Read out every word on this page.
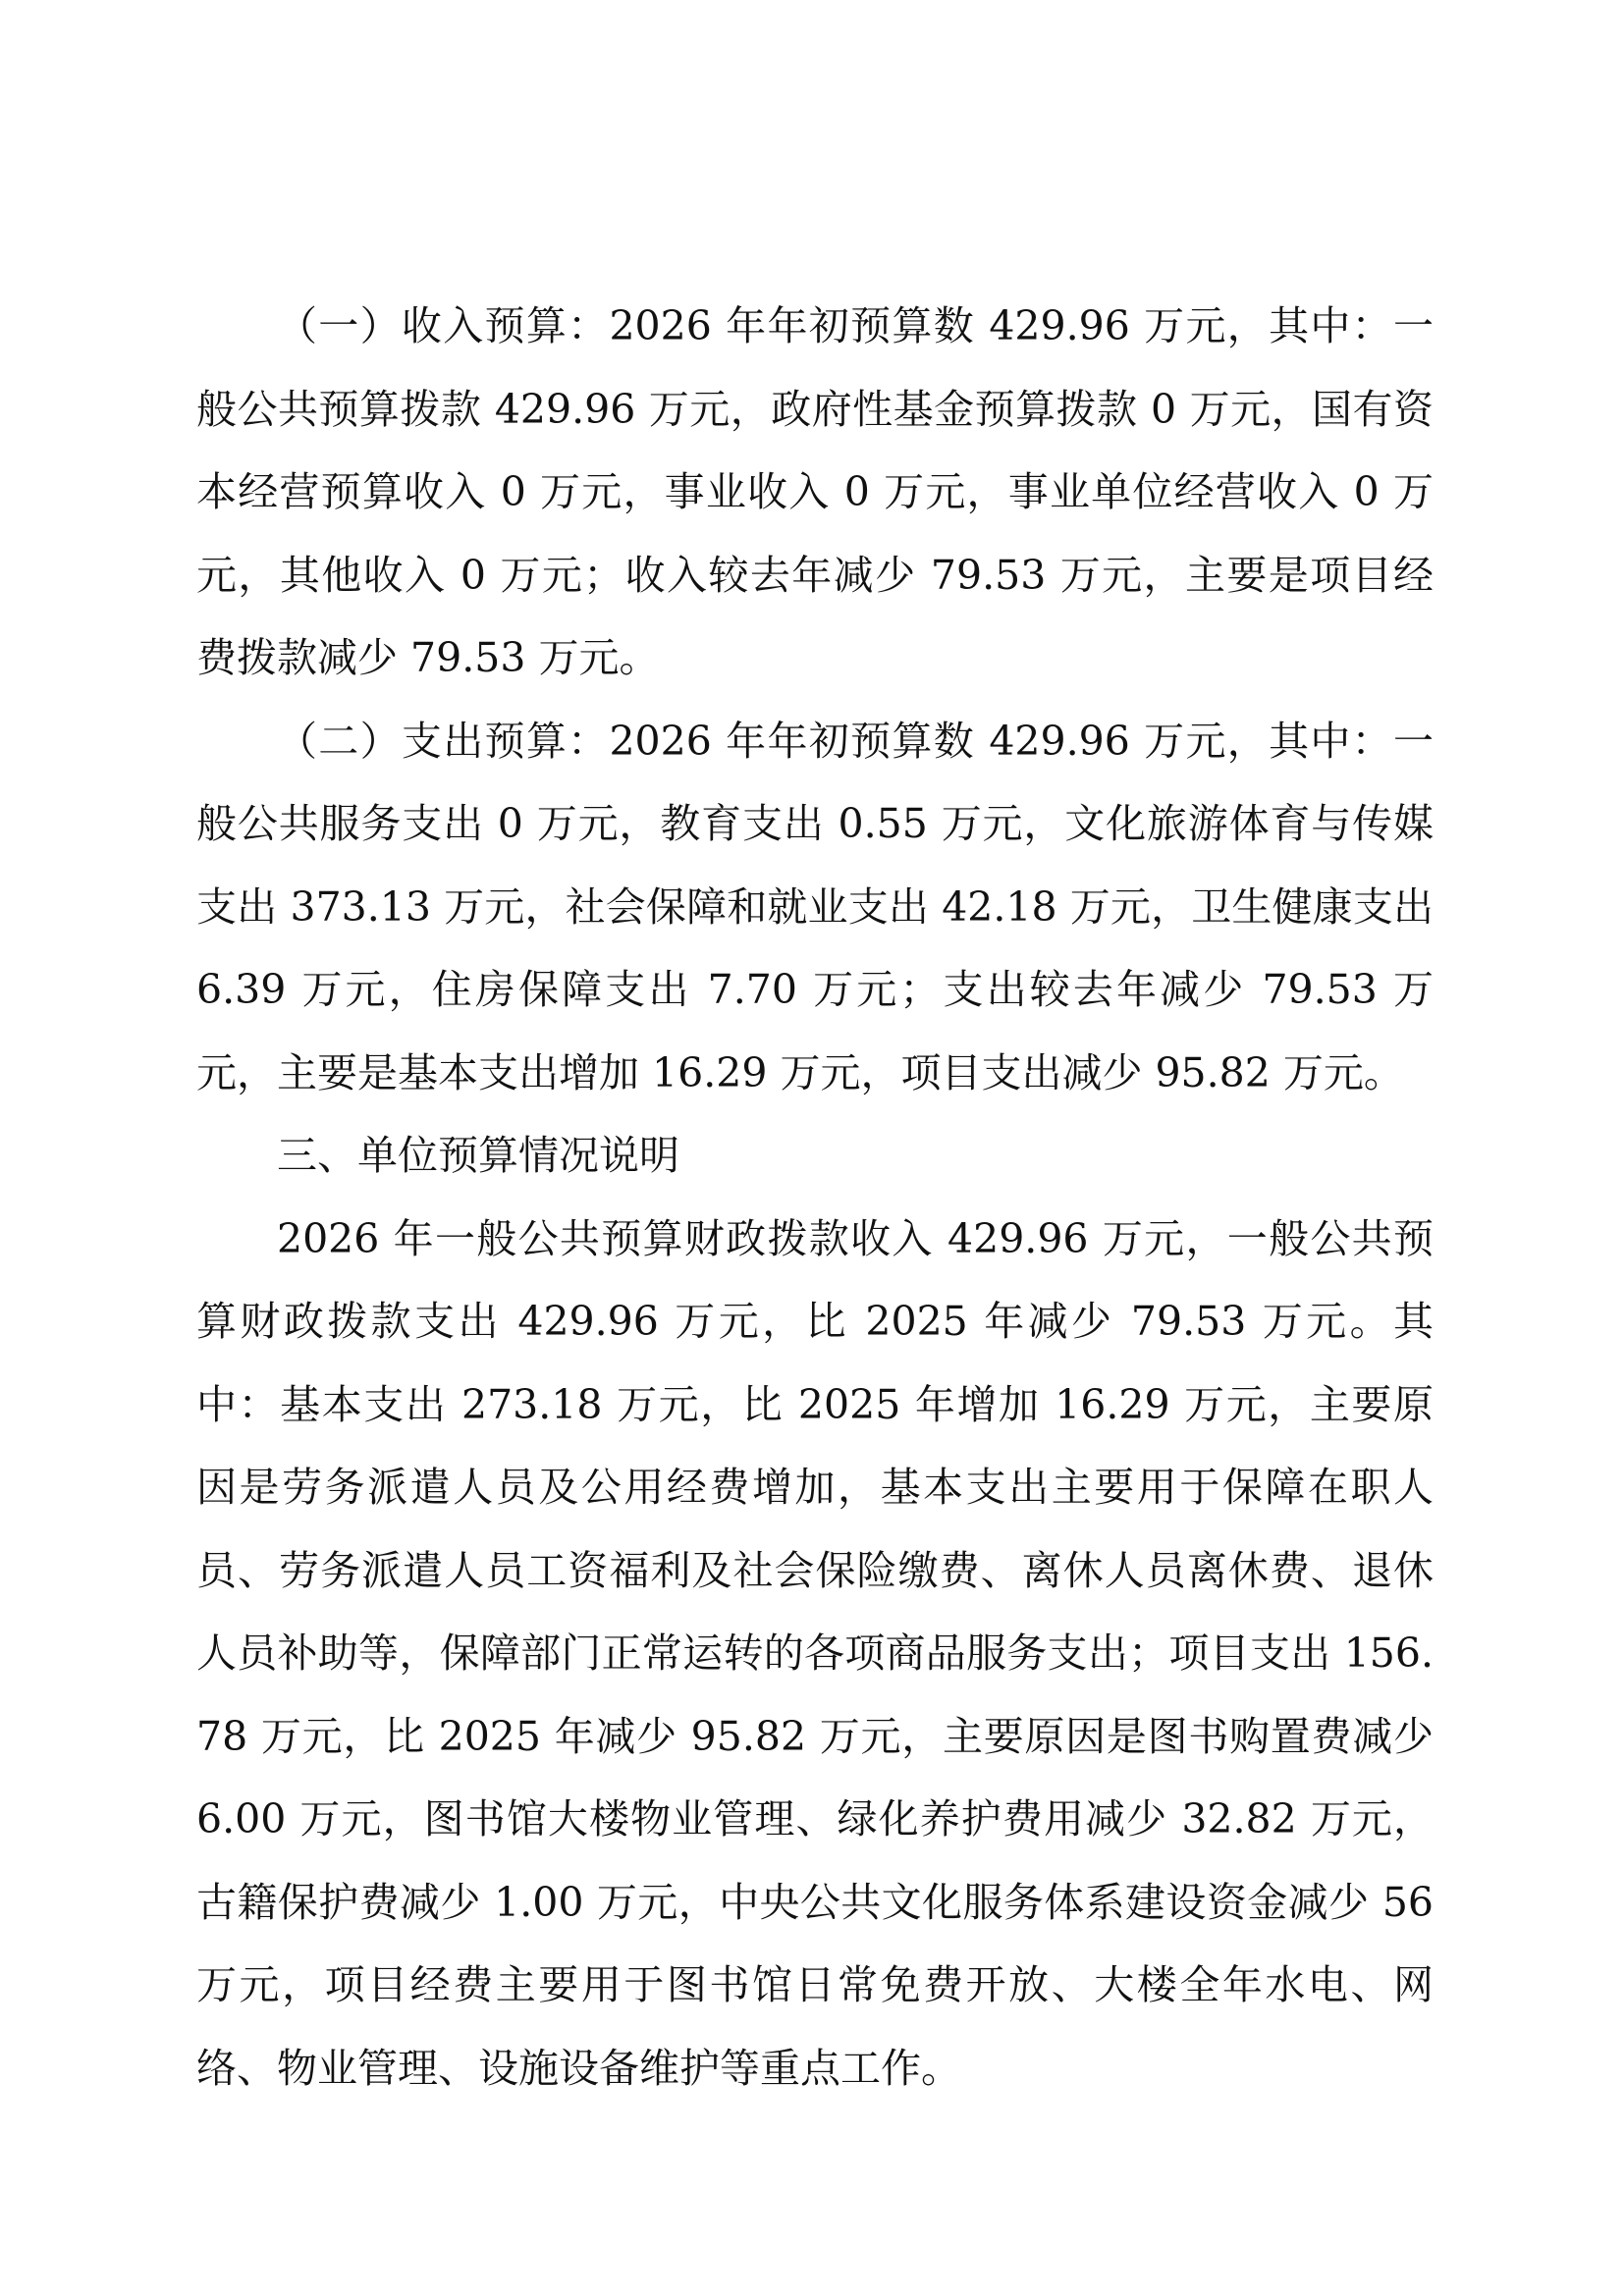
（一）收入预算：2026 年年初预算数 429.96 万元，其中：一般公共预算拨款 429.96 万元，政府性基金预算拨款 0 万元，国有资本经营预算收入 0 万元，事业收入 0 万元，事业单位经营收入 0 万元，其他收入 0 万元；收入较去年减少 79.53 万元，主要是项目经费拨款减少 79.53 万元。

（二）支出预算：2026 年年初预算数 429.96 万元，其中：一般公共服务支出 0 万元，教育支出 0.55 万元，文化旅游体育与传媒支出 373.13 万元，社会保障和就业支出 42.18 万元，卫生健康支出 6.39 万元，住房保障支出 7.70 万元；支出较去年减少 79.53 万元，主要是基本支出增加 16.29 万元，项目支出减少 95.82 万元。

三、单位预算情况说明

2026 年一般公共预算财政拨款收入 429.96 万元，一般公共预算财政拨款支出 429.96 万元，比 2025 年减少 79.53 万元。其中：基本支出 273.18 万元，比 2025 年增加 16.29 万元，主要原因是劳务派遣人员及公用经费增加，基本支出主要用于保障在职人员、劳务派遣人员工资福利及社会保险缴费、离休人员离休费、退休人员补助等，保障部门正常运转的各项商品服务支出；项目支出 156.78 万元，比 2025 年减少 95.82 万元，主要原因是图书购置费减少 6.00 万元，图书馆大楼物业管理、绿化养护费用减少 32.82 万元，古籍保护费减少 1.00 万元，中央公共文化服务体系建设资金减少 56 万元，项目经费主要用于图书馆日常免费开放、大楼全年水电、网络、物业管理、设施设备维护等重点工作。
